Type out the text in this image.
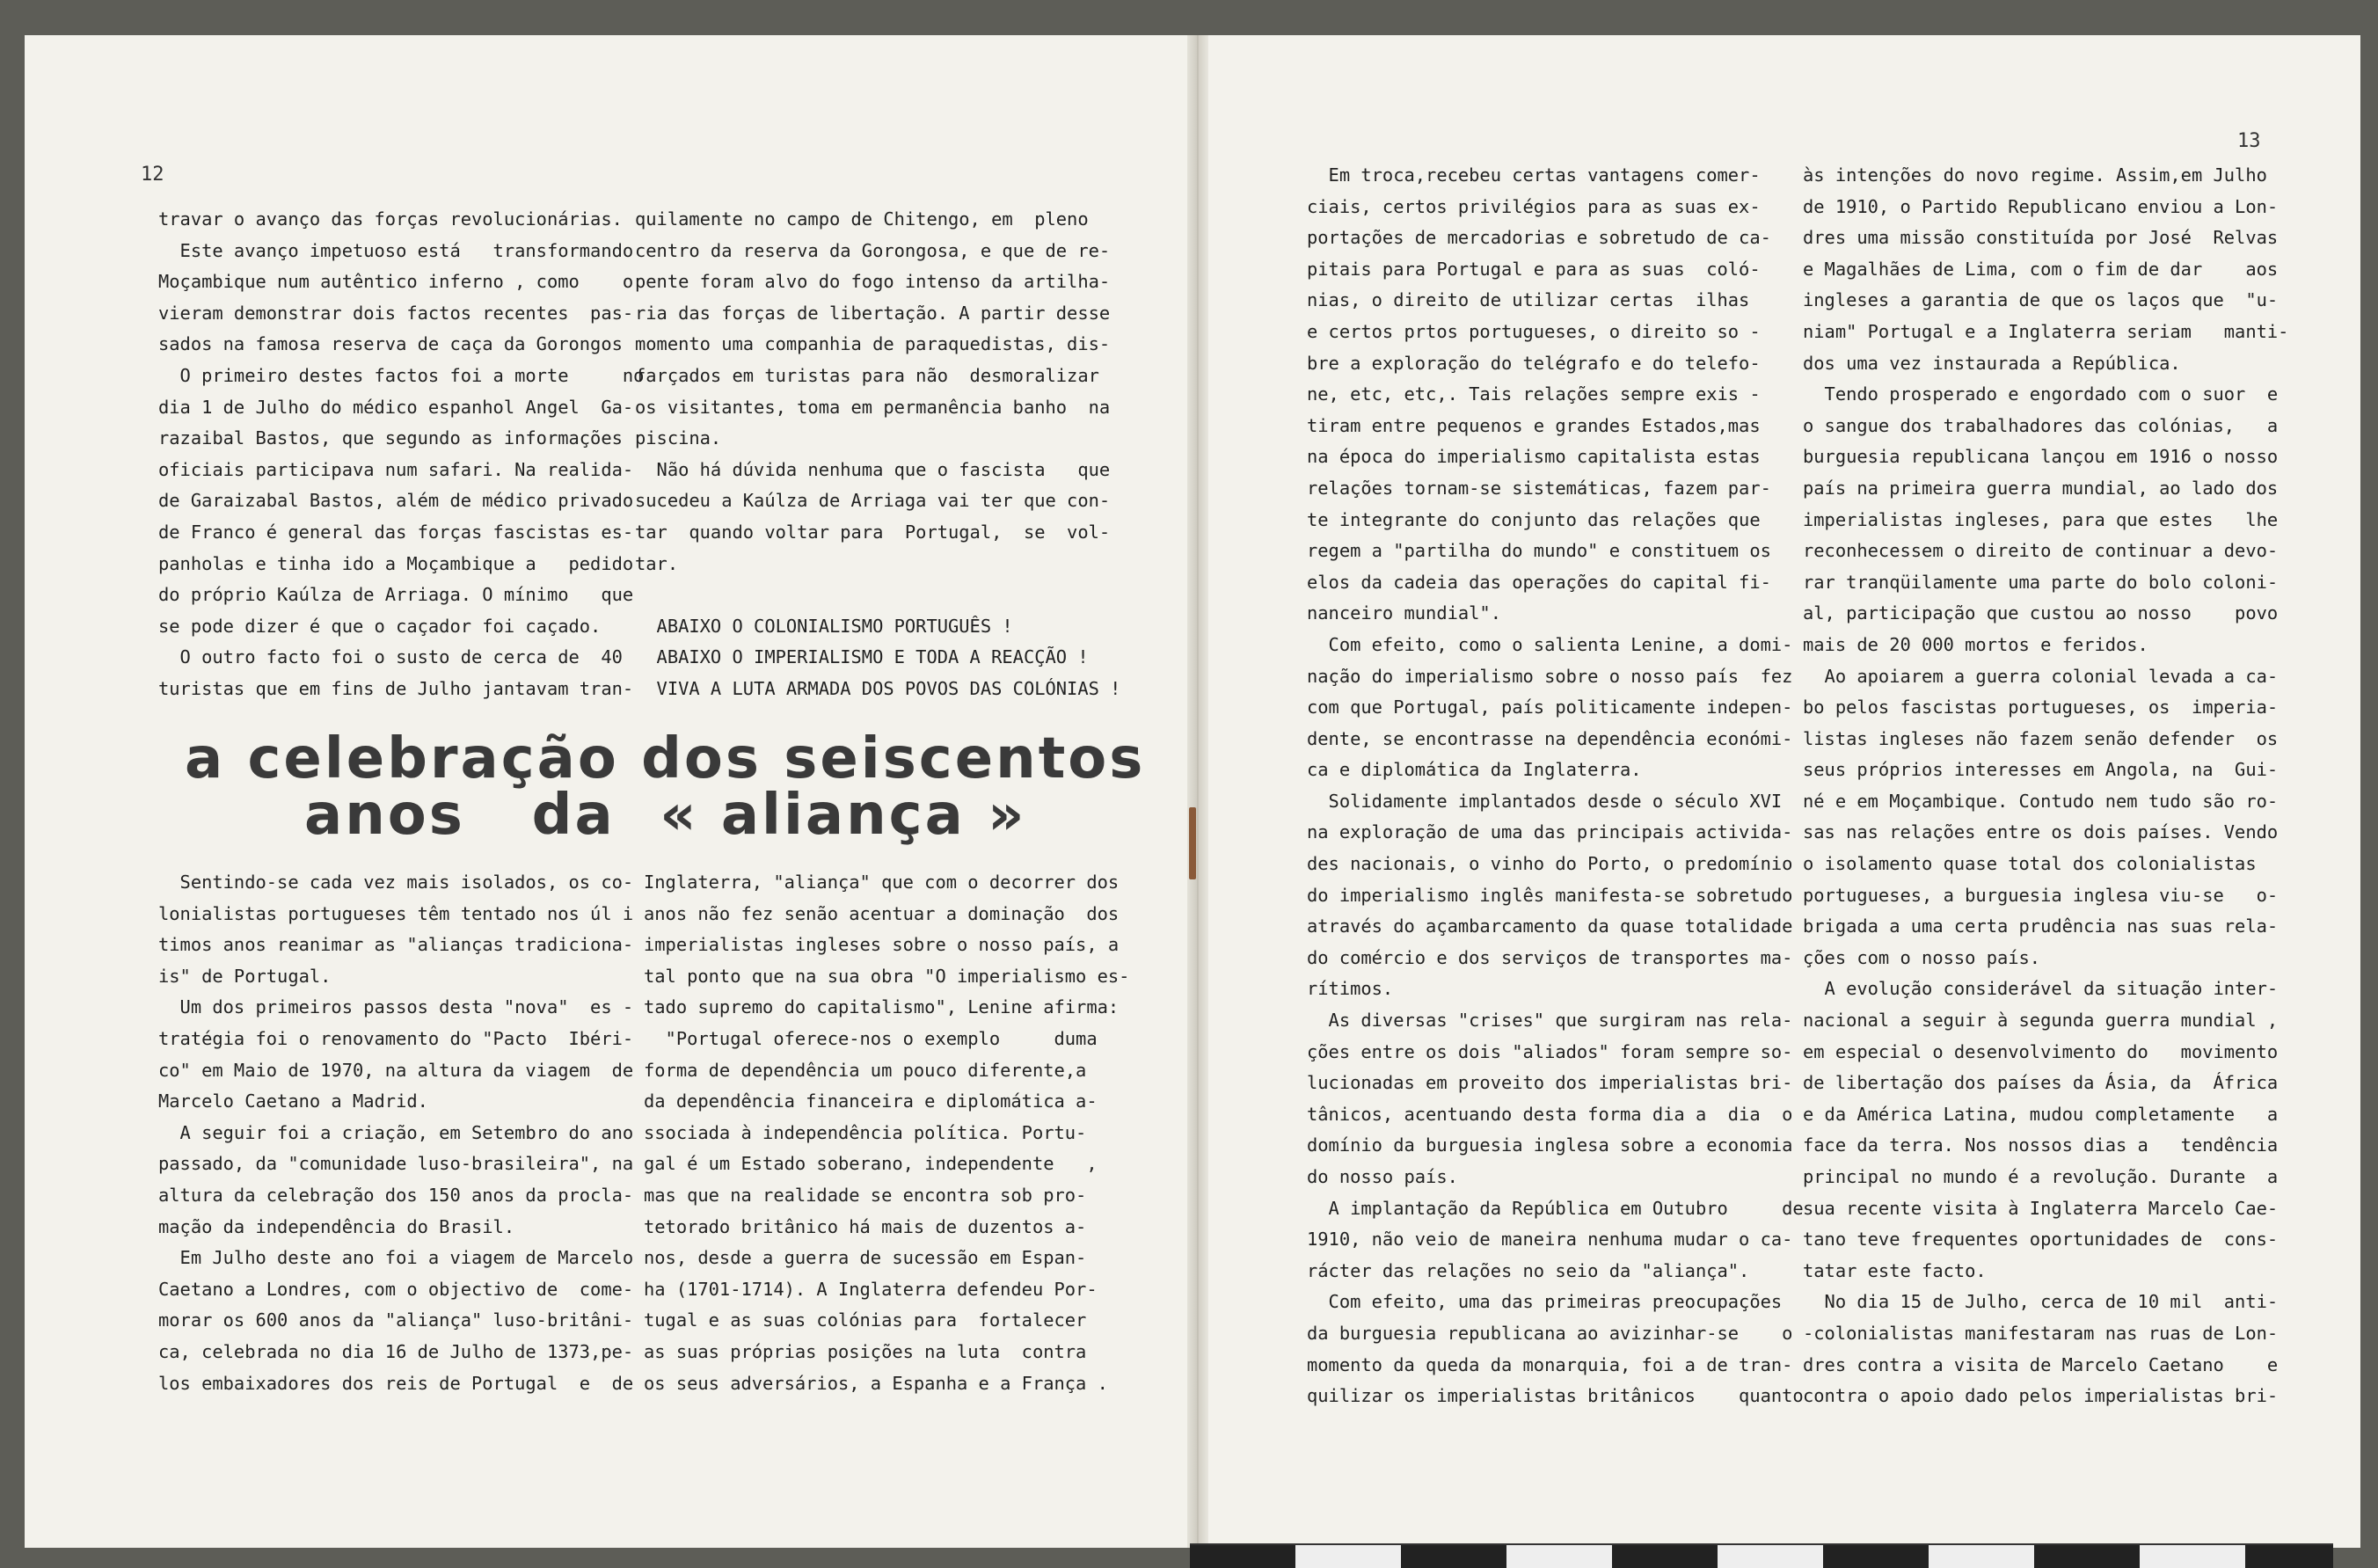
12
13
travar o avanço das forças revolucionárias.
Este avanço impetuoso está   transformando
Moçambique num autêntico inferno , como    o
vieram demonstrar dois factos recentes  pas-
sados na famosa reserva de caça da Gorongos
O primeiro destes factos foi a morte     no
dia 1 de Julho do médico espanhol Angel  Ga-
razaibal Bastos, que segundo as informações
oficiais participava num safari. Na realida-
de Garaizabal Bastos, além de médico privado
de Franco é general das forças fascistas es-
panholas e tinha ido a Moçambique a   pedido
do próprio Kaúlza de Arriaga. O mínimo   que
se pode dizer é que o caçador foi caçado.
O outro facto foi o susto de cerca de  40
turistas que em fins de Julho jantavam tran-
quilamente no campo de Chitengo, em  pleno
centro da reserva da Gorongosa, e que de re-
pente foram alvo do fogo intenso da artilha-
ria das forças de libertação. A partir desse
momento uma companhia de paraquedistas, dis-
farçados em turistas para não  desmoralizar
os visitantes, toma em permanência banho  na
piscina.
Não há dúvida nenhuma que o fascista   que
sucedeu a Kaúlza de Arriaga vai ter que con-
tar  quando voltar para  Portugal,  se  vol-
tar.
ABAIXO O COLONIALISMO PORTUGUÊS !
ABAIXO O IMPERIALISMO E TODA A REACÇÃO !
VIVA A LUTA ARMADA DOS POVOS DAS COLÓNIAS !
a celebração dos seiscentos
anos   da  « aliança »
Sentindo-se cada vez mais isolados, os co-
lonialistas portugueses têm tentado nos úl i
timos anos reanimar as "alianças tradiciona-
is" de Portugal.
Um dos primeiros passos desta "nova"  es -
tratégia foi o renovamento do "Pacto  Ibéri-
co" em Maio de 1970, na altura da viagem  de
Marcelo Caetano a Madrid.
A seguir foi a criação, em Setembro do ano
passado, da "comunidade luso-brasileira", na
altura da celebração dos 150 anos da procla-
mação da independência do Brasil.
Em Julho deste ano foi a viagem de Marcelo
Caetano a Londres, com o objectivo de  come-
morar os 600 anos da "aliança" luso-britâni-
ca, celebrada no dia 16 de Julho de 1373,pe-
los embaixadores dos reis de Portugal  e  de
Inglaterra, "aliança" que com o decorrer dos
anos não fez senão acentuar a dominação  dos
imperialistas ingleses sobre o nosso país, a
tal ponto que na sua obra "O imperialismo es-
tado supremo do capitalismo", Lenine afirma:
"Portugal oferece-nos o exemplo     duma
forma de dependência um pouco diferente,a
da dependência financeira e diplomática a-
ssociada à independência política. Portu-
gal é um Estado soberano, independente   ,
mas que na realidade se encontra sob pro-
tetorado britânico há mais de duzentos a-
nos, desde a guerra de sucessão em Espan-
ha (1701-1714). A Inglaterra defendeu Por-
tugal e as suas colónias para  fortalecer
as suas próprias posições na luta  contra
os seus adversários, a Espanha e a França .
Em troca,recebeu certas vantagens comer-
ciais, certos privilégios para as suas ex-
portações de mercadorias e sobretudo de ca-
pitais para Portugal e para as suas  coló-
nias, o direito de utilizar certas  ilhas
e certos prtos portugueses, o direito so -
bre a exploração do telégrafo e do telefo-
ne, etc, etc,. Tais relações sempre exis -
tiram entre pequenos e grandes Estados,mas
na época do imperialismo capitalista estas
relações tornam-se sistemáticas, fazem par-
te integrante do conjunto das relações que
regem a "partilha do mundo" e constituem os
elos da cadeia das operações do capital fi-
nanceiro mundial".
Com efeito, como o salienta Lenine, a domi-
nação do imperialismo sobre o nosso país  fez
com que Portugal, país politicamente indepen-
dente, se encontrasse na dependência económi-
ca e diplomática da Inglaterra.
Solidamente implantados desde o século XVI
na exploração de uma das principais activida-
des nacionais, o vinho do Porto, o predomínio
do imperialismo inglês manifesta-se sobretudo
através do açambarcamento da quase totalidade
do comércio e dos serviços de transportes ma-
rítimos.
As diversas "crises" que surgiram nas rela-
ções entre os dois "aliados" foram sempre so-
lucionadas em proveito dos imperialistas bri-
tânicos, acentuando desta forma dia a  dia  o
domínio da burguesia inglesa sobre a economia
do nosso país.
A implantação da República em Outubro     de
1910, não veio de maneira nenhuma mudar o ca-
rácter das relações no seio da "aliança".
Com efeito, uma das primeiras preocupações
da burguesia republicana ao avizinhar-se    o
momento da queda da monarquia, foi a de tran-
quilizar os imperialistas britânicos    quanto
às intenções do novo regime. Assim,em Julho
de 1910, o Partido Republicano enviou a Lon-
dres uma missão constituída por José  Relvas
e Magalhães de Lima, com o fim de dar    aos
ingleses a garantia de que os laços que  "u-
niam" Portugal e a Inglaterra seriam   manti-
dos uma vez instaurada a República.
Tendo prosperado e engordado com o suor  e
o sangue dos trabalhadores das colónias,   a
burguesia republicana lançou em 1916 o nosso
país na primeira guerra mundial, ao lado dos
imperialistas ingleses, para que estes   lhe
reconhecessem o direito de continuar a devo-
rar tranqüilamente uma parte do bolo coloni-
al, participação que custou ao nosso    povo
mais de 20 000 mortos e feridos.
Ao apoiarem a guerra colonial levada a ca-
bo pelos fascistas portugueses, os  imperia-
listas ingleses não fazem senão defender  os
seus próprios interesses em Angola, na  Gui-
né e em Moçambique. Contudo nem tudo são ro-
sas nas relações entre os dois países. Vendo
o isolamento quase total dos colonialistas
portugueses, a burguesia inglesa viu-se   o-
brigada a uma certa prudência nas suas rela-
ções com o nosso país.
A evolução considerável da situação inter-
nacional a seguir à segunda guerra mundial ,
em especial o desenvolvimento do   movimento
de libertação dos países da Ásia, da  África
e da América Latina, mudou completamente   a
face da terra. Nos nossos dias a   tendência
principal no mundo é a revolução. Durante  a
sua recente visita à Inglaterra Marcelo Cae-
tano teve frequentes oportunidades de  cons-
tatar este facto.
No dia 15 de Julho, cerca de 10 mil  anti-
-colonialistas manifestaram nas ruas de Lon-
dres contra a visita de Marcelo Caetano    e
contra o apoio dado pelos imperialistas bri-
